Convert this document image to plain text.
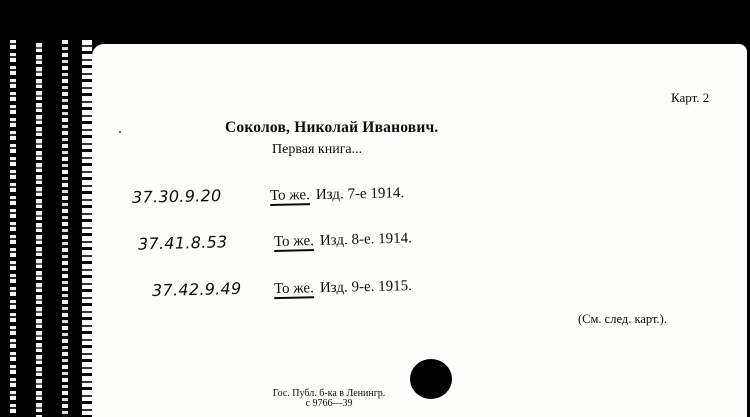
Карт. 2
Соколов, Николай Иванович.
Первая книга...
37.30.9.20	То же. Изд. 7-е 1914.
37.41.8.53	То же. Изд. 8-е. 1914.
37.42.9.49 То же. Изд. 9-е. 1915.
(См. след. карт.).
Гос. Публ. б-ка в Ленингр.
с 9766—39
